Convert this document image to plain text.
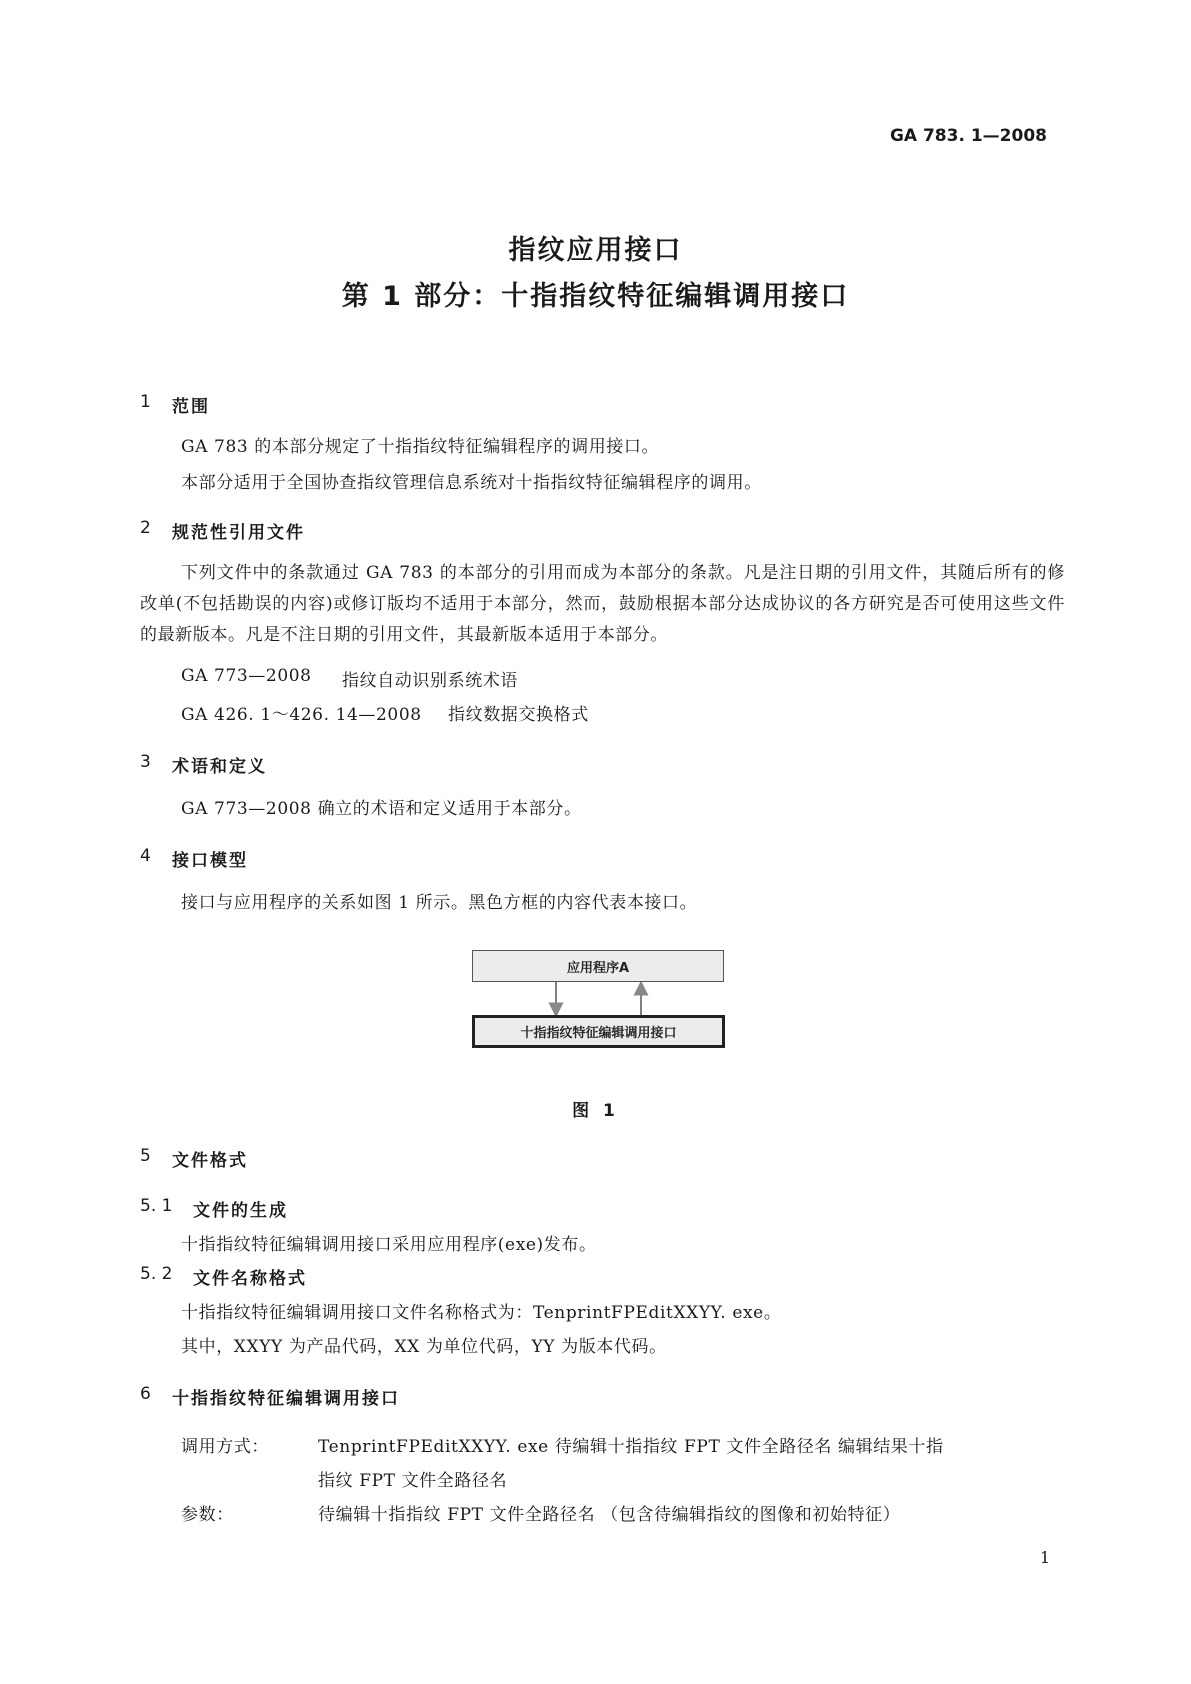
GA 783. 1—2008
指纹应用接口
第 1 部分：十指指纹特征编辑调用接口
1 范围
GA 783 的本部分规定了十指指纹特征编辑程序的调用接口。
本部分适用于全国协查指纹管理信息系统对十指指纹特征编辑程序的调用。
2 规范性引用文件
下列文件中的条款通过 GA 783 的本部分的引用而成为本部分的条款。凡是注日期的引用文件，其随后所有的修改单(不包括勘误的内容)或修订版均不适用于本部分，然而，鼓励根据本部分达成协议的各方研究是否可使用这些文件的最新版本。凡是不注日期的引用文件，其最新版本适用于本部分。
GA 773—2008 指纹自动识别系统术语
GA 426. 1～426. 14—2008 指纹数据交换格式
3 术语和定义
GA 773—2008 确立的术语和定义适用于本部分。
4 接口模型
接口与应用程序的关系如图 1 所示。黑色方框的内容代表本接口。
应用程序A
十指指纹特征编辑调用接口
图 1
5 文件格式
5. 1 文件的生成
十指指纹特征编辑调用接口采用应用程序(exe)发布。
5. 2 文件名称格式
十指指纹特征编辑调用接口文件名称格式为：TenprintFPEditXXYY. exe。
其中，XXYY 为产品代码，XX 为单位代码，YY 为版本代码。
6 十指指纹特征编辑调用接口
调用方式：	TenprintFPEditXXYY. exe 待编辑十指指纹 FPT 文件全路径名 编辑结果十指
指纹 FPT 文件全路径名
参数：	待编辑十指指纹 FPT 文件全路径名 （包含待编辑指纹的图像和初始特征）
1
